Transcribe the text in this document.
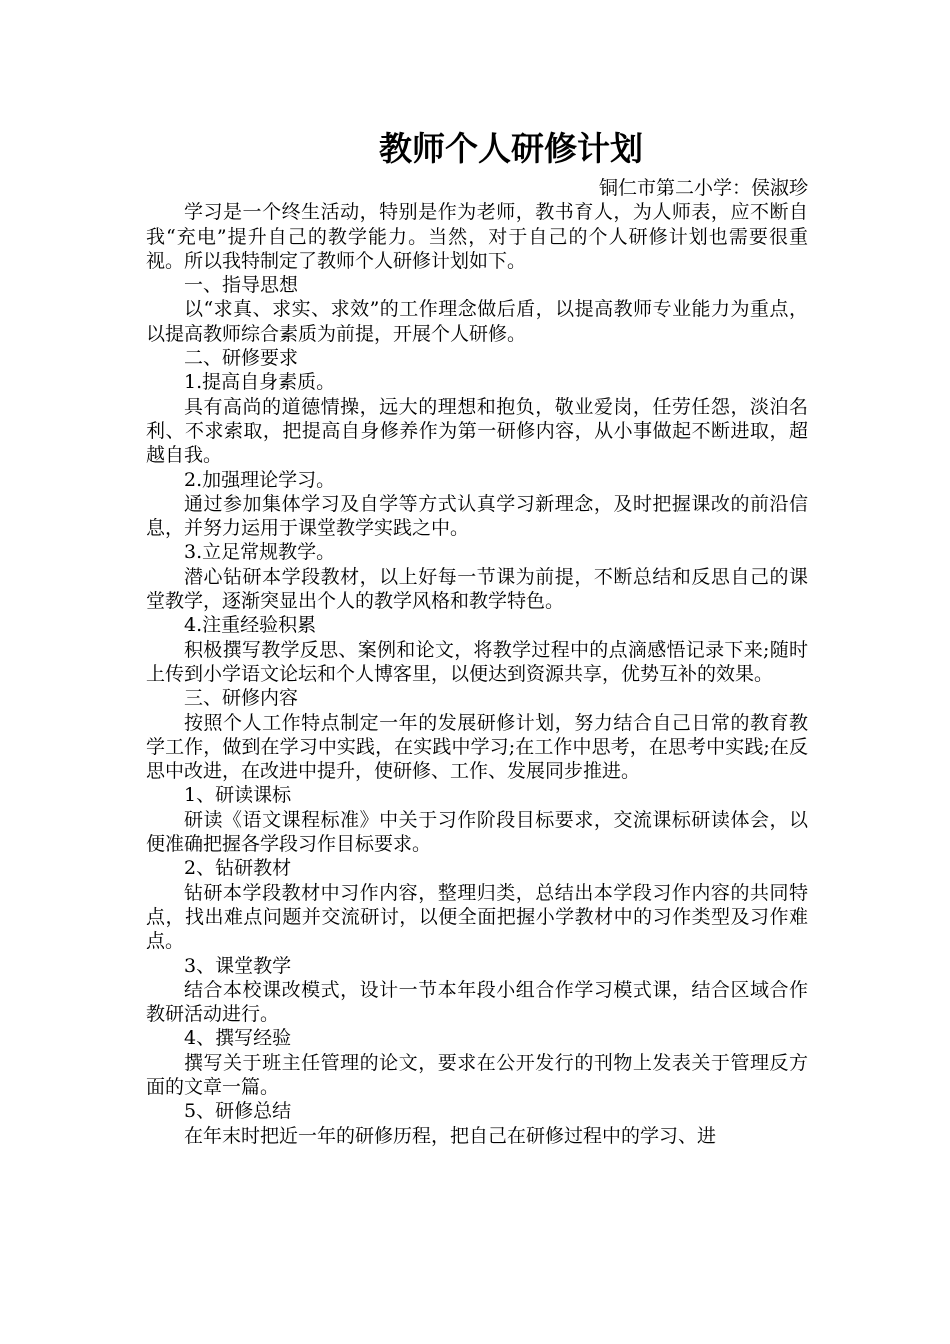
教师个人研修计划

铜仁市第二小学：侯淑珍

学习是一个终生活动，特别是作为老师，教书育人，为人师表，应不断自我“充电”提升自己的教学能力。当然，对于自己的个人研修计划也需要很重视。所以我特制定了教师个人研修计划如下。

一、指导思想

以“求真、求实、求效”的工作理念做后盾，以提高教师专业能力为重点，以提高教师综合素质为前提，开展个人研修。

二、研修要求

1.提高自身素质。

具有高尚的道德情操，远大的理想和抱负，敬业爱岗，任劳任怨，淡泊名利、不求索取，把提高自身修养作为第一研修内容，从小事做起不断进取，超越自我。

2.加强理论学习。

通过参加集体学习及自学等方式认真学习新理念，及时把握课改的前沿信息，并努力运用于课堂教学实践之中。

3.立足常规教学。

潜心钻研本学段教材，以上好每一节课为前提，不断总结和反思自己的课堂教学，逐渐突显出个人的教学风格和教学特色。

4.注重经验积累

积极撰写教学反思、案例和论文，将教学过程中的点滴感悟记录下来;随时上传到小学语文论坛和个人博客里，以便达到资源共享，优势互补的效果。

三、研修内容

按照个人工作特点制定一年的发展研修计划，努力结合自己日常的教育教学工作，做到在学习中实践，在实践中学习;在工作中思考，在思考中实践;在反思中改进，在改进中提升，使研修、工作、发展同步推进。

1、研读课标

研读《语文课程标准》中关于习作阶段目标要求，交流课标研读体会，以便准确把握各学段习作目标要求。

2、钻研教材

钻研本学段教材中习作内容，整理归类，总结出本学段习作内容的共同特点，找出难点问题并交流研讨，以便全面把握小学教材中的习作类型及习作难点。

3、课堂教学

结合本校课改模式，设计一节本年段小组合作学习模式课，结合区域合作教研活动进行。

4、撰写经验

撰写关于班主任管理的论文，要求在公开发行的刊物上发表关于管理反方面的文章一篇。

5、研修总结

在年末时把近一年的研修历程，把自己在研修过程中的学习、进
